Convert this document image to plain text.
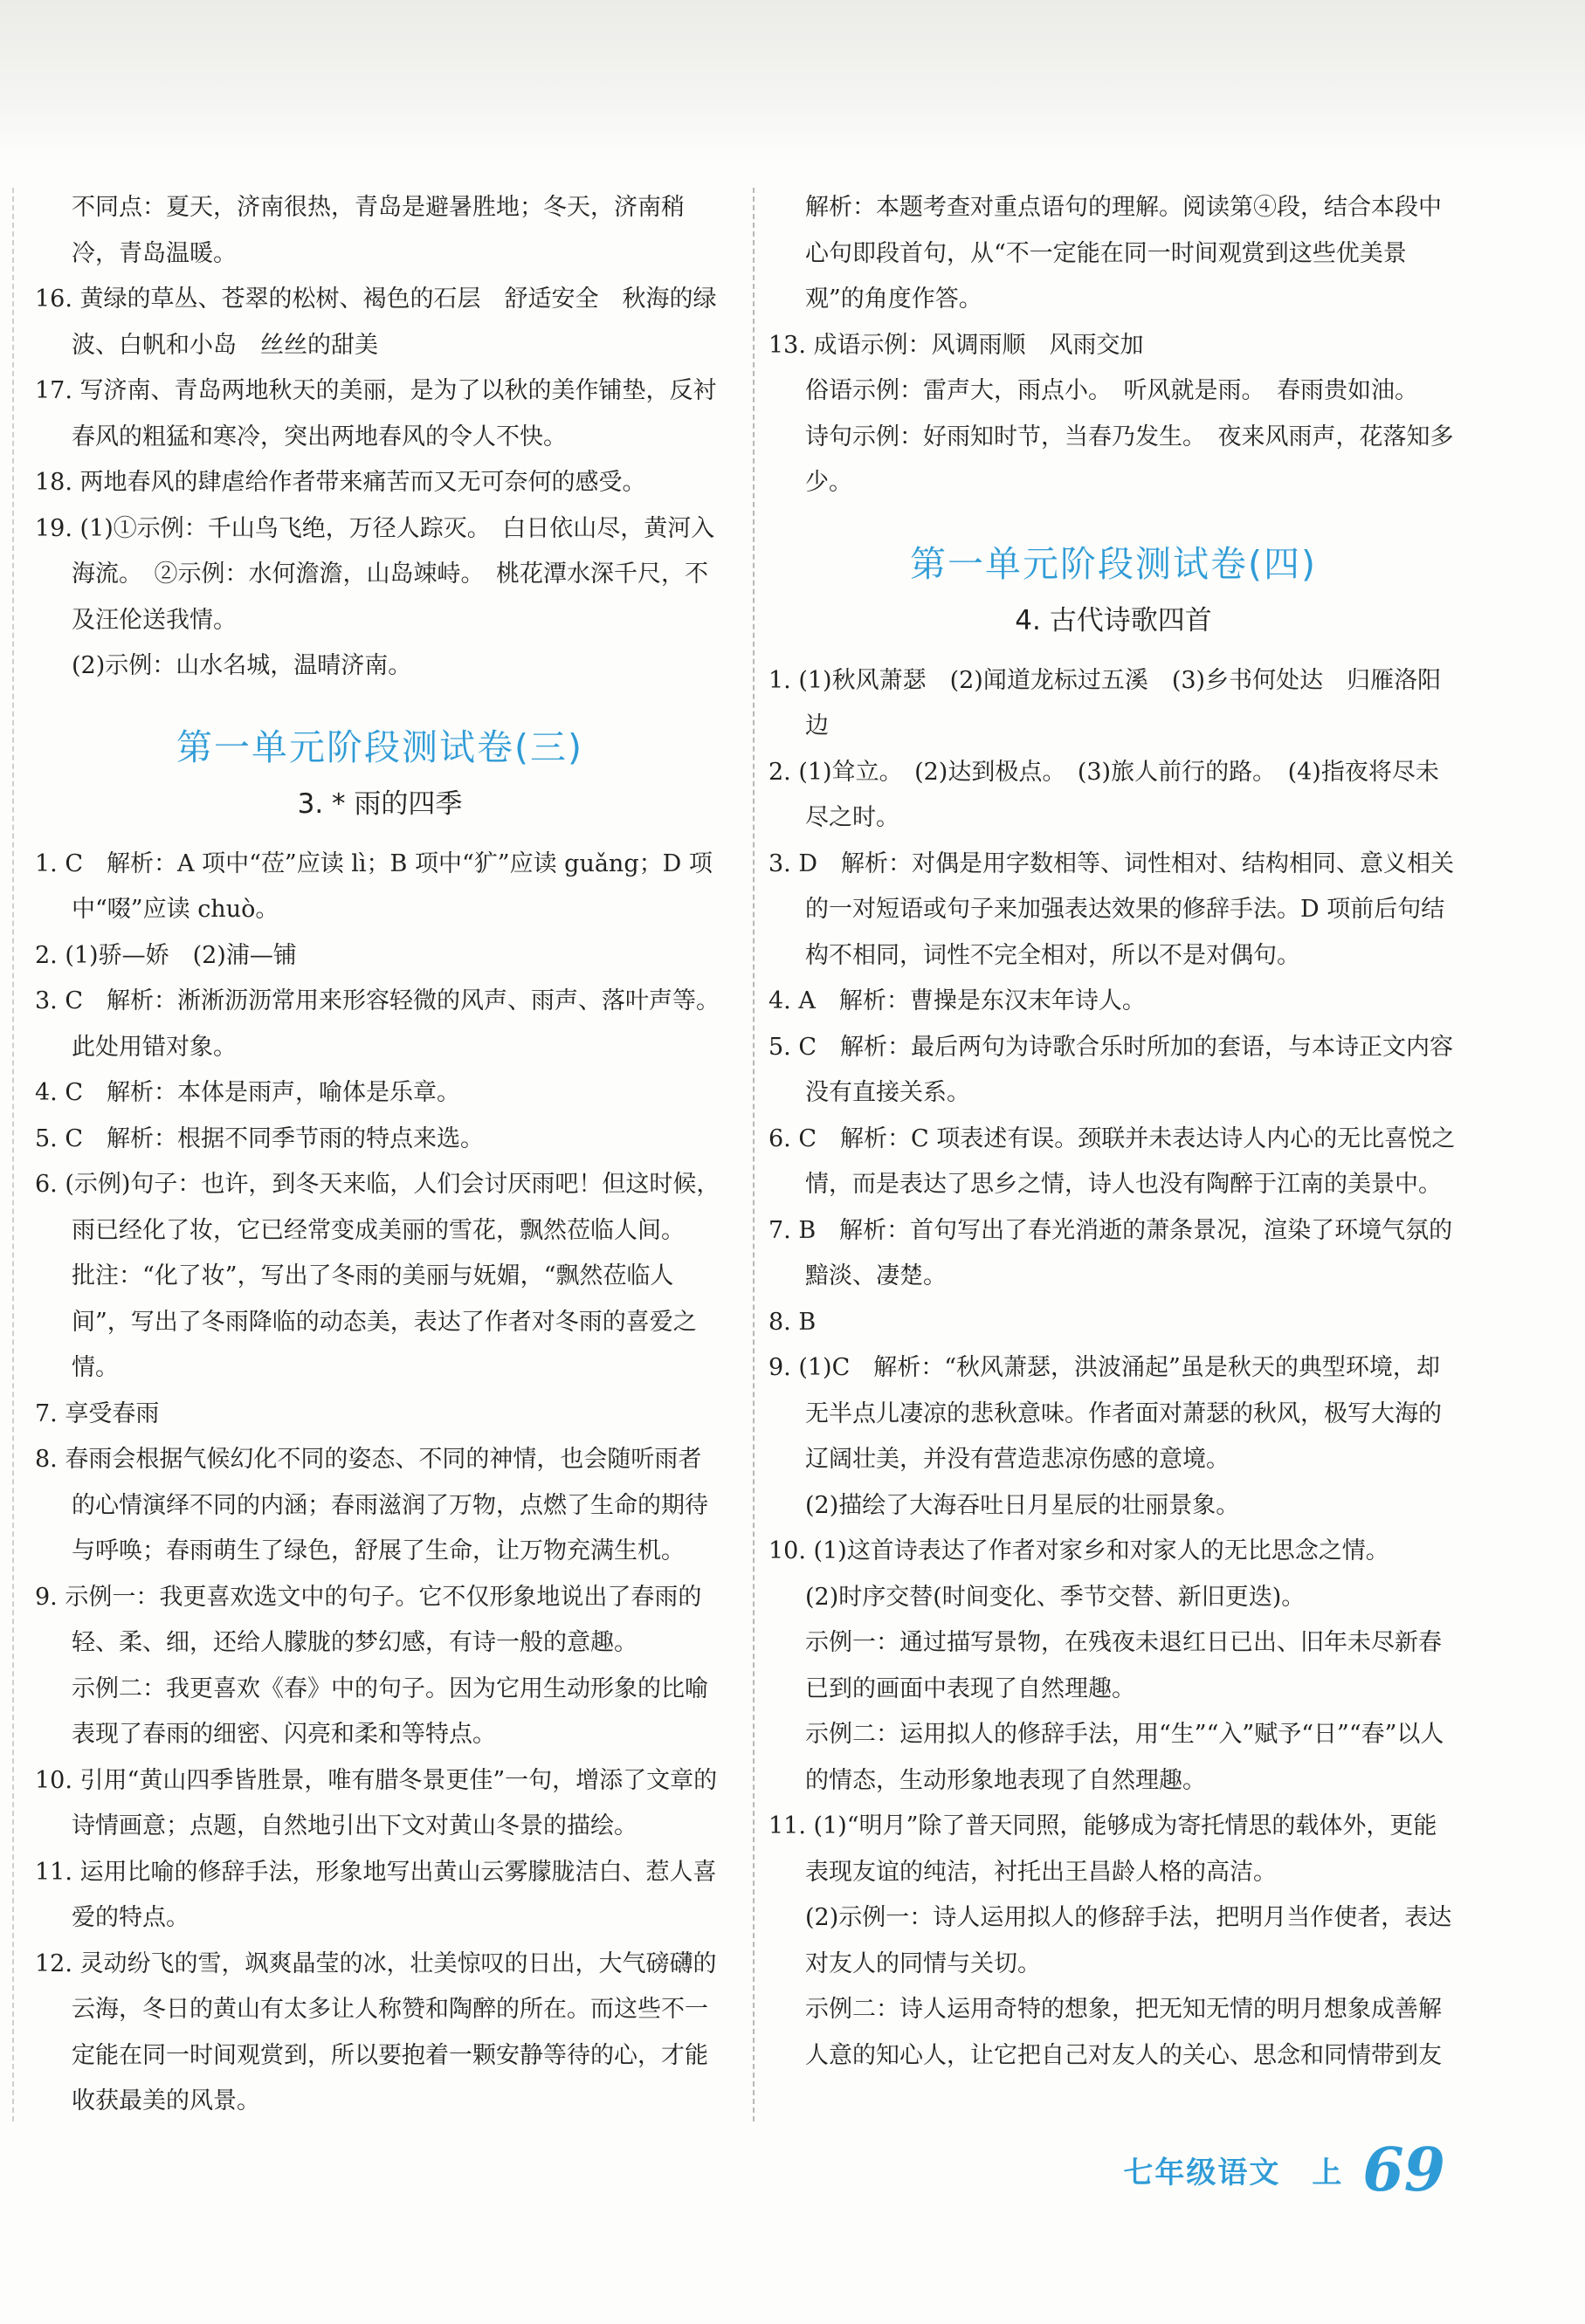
不同点：夏天，济南很热，青岛是避暑胜地；冬天，济南稍冷，青岛温暖。
16. 黄绿的草丛、苍翠的松树、褐色的石层　舒适安全　秋海的绿波、白帆和小岛　丝丝的甜美
17. 写济南、青岛两地秋天的美丽，是为了以秋的美作铺垫，反衬春风的粗猛和寒冷，突出两地春风的令人不快。
18. 两地春风的肆虐给作者带来痛苦而又无可奈何的感受。
19. (1)①示例：千山鸟飞绝，万径人踪灭。　白日依山尽，黄河入海流。　②示例：水何澹澹，山岛竦峙。　桃花潭水深千尺，不及汪伦送我情。
(2)示例：山水名城，温晴济南。
第一单元阶段测试卷(三)
3. * 雨的四季
1. C　解析：A 项中“莅”应读 lì；B 项中“犷”应读 guǎng；D 项中“啜”应读 chuò。
2. (1)骄—娇　(2)浦—铺
3. C　解析：淅淅沥沥常用来形容轻微的风声、雨声、落叶声等。此处用错对象。
4. C　解析：本体是雨声，喻体是乐章。
5. C　解析：根据不同季节雨的特点来选。
6. (示例)句子：也许，到冬天来临，人们会讨厌雨吧！但这时候，雨已经化了妆，它已经常变成美丽的雪花，飘然莅临人间。
批注：“化了妆”，写出了冬雨的美丽与妩媚，“飘然莅临人间”，写出了冬雨降临的动态美，表达了作者对冬雨的喜爱之情。
7. 享受春雨
8. 春雨会根据气候幻化不同的姿态、不同的神情，也会随听雨者的心情演绎不同的内涵；春雨滋润了万物，点燃了生命的期待与呼唤；春雨萌生了绿色，舒展了生命，让万物充满生机。
9. 示例一：我更喜欢选文中的句子。它不仅形象地说出了春雨的轻、柔、细，还给人朦胧的梦幻感，有诗一般的意趣。
示例二：我更喜欢《春》中的句子。因为它用生动形象的比喻表现了春雨的细密、闪亮和柔和等特点。
10. 引用“黄山四季皆胜景，唯有腊冬景更佳”一句，增添了文章的诗情画意；点题，自然地引出下文对黄山冬景的描绘。
11. 运用比喻的修辞手法，形象地写出黄山云雾朦胧洁白、惹人喜爱的特点。
12. 灵动纷飞的雪，飒爽晶莹的冰，壮美惊叹的日出，大气磅礴的云海，冬日的黄山有太多让人称赞和陶醉的所在。而这些不一定能在同一时间观赏到，所以要抱着一颗安静等待的心，才能收获最美的风景。
解析：本题考查对重点语句的理解。阅读第④段，结合本段中心句即段首句，从“不一定能在同一时间观赏到这些优美景观”的角度作答。
13. 成语示例：风调雨顺　风雨交加
俗语示例：雷声大，雨点小。　听风就是雨。　春雨贵如油。
诗句示例：好雨知时节，当春乃发生。　夜来风雨声，花落知多少。
第一单元阶段测试卷(四)
4. 古代诗歌四首
1. (1)秋风萧瑟　(2)闻道龙标过五溪　(3)乡书何处达　归雁洛阳边
2. (1)耸立。　(2)达到极点。　(3)旅人前行的路。　(4)指夜将尽未尽之时。
3. D　解析：对偶是用字数相等、词性相对、结构相同、意义相关的一对短语或句子来加强表达效果的修辞手法。D 项前后句结构不相同，词性不完全相对，所以不是对偶句。
4. A　解析：曹操是东汉末年诗人。
5. C　解析：最后两句为诗歌合乐时所加的套语，与本诗正文内容没有直接关系。
6. C　解析：C 项表述有误。颈联并未表达诗人内心的无比喜悦之情，而是表达了思乡之情，诗人也没有陶醉于江南的美景中。
7. B　解析：首句写出了春光消逝的萧条景况，渲染了环境气氛的黯淡、凄楚。
8. B
9. (1)C　解析：“秋风萧瑟，洪波涌起”虽是秋天的典型环境，却无半点儿凄凉的悲秋意味。作者面对萧瑟的秋风，极写大海的辽阔壮美，并没有营造悲凉伤感的意境。
(2)描绘了大海吞吐日月星辰的壮丽景象。
10. (1)这首诗表达了作者对家乡和对家人的无比思念之情。
(2)时序交替(时间变化、季节交替、新旧更迭)。
示例一：通过描写景物，在残夜未退红日已出、旧年未尽新春已到的画面中表现了自然理趣。
示例二：运用拟人的修辞手法，用“生”“入”赋予“日”“春”以人的情态，生动形象地表现了自然理趣。
11. (1)“明月”除了普天同照，能够成为寄托情思的载体外，更能表现友谊的纯洁，衬托出王昌龄人格的高洁。
(2)示例一：诗人运用拟人的修辞手法，把明月当作使者，表达对友人的同情与关切。
示例二：诗人运用奇特的想象，把无知无情的明月想象成善解人意的知心人，让它把自己对友人的关心、思念和同情带到友
七年级语文　上 69
